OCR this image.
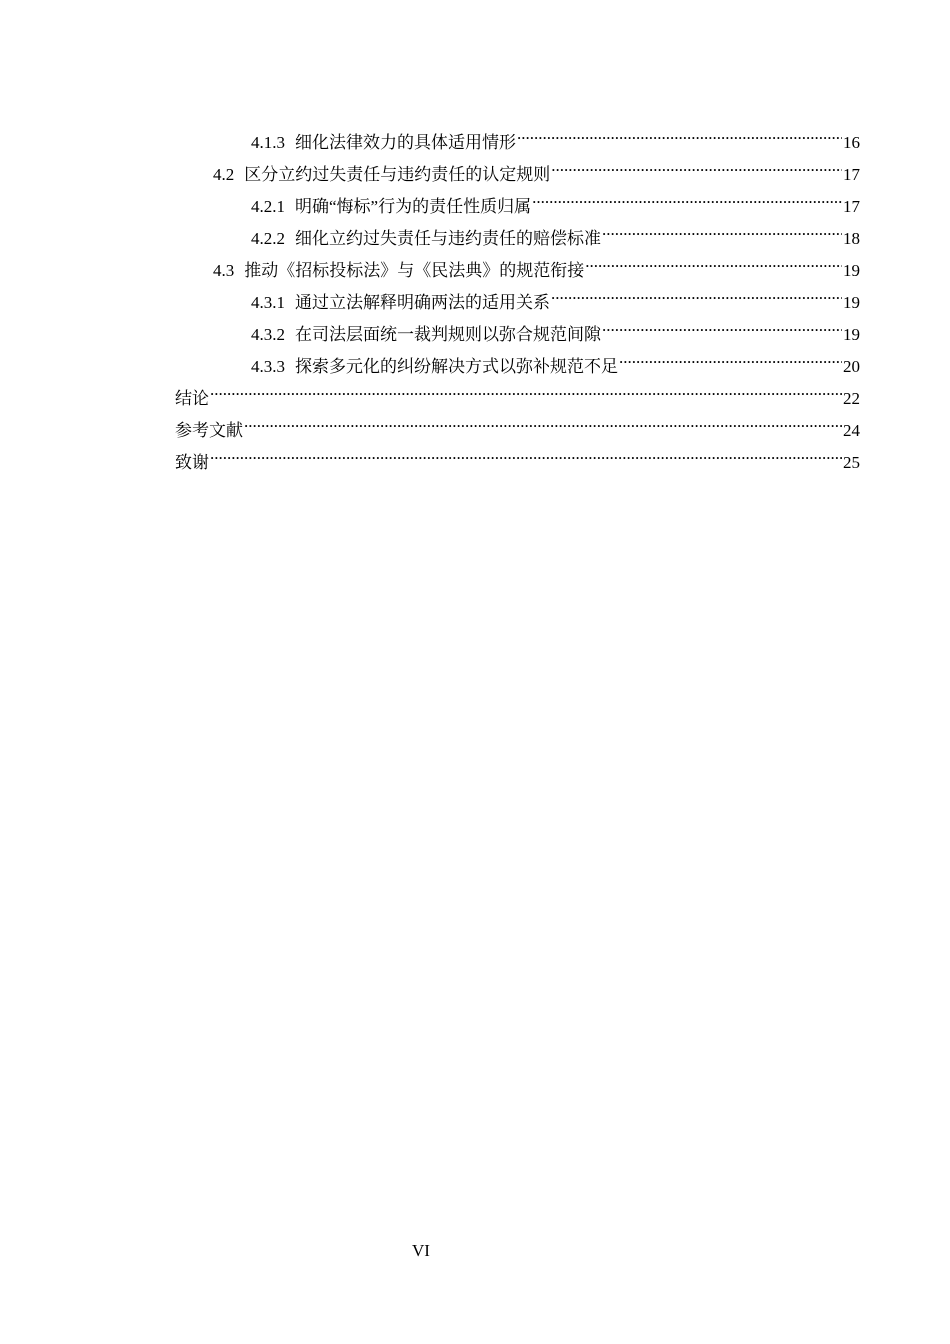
4.1.3 细化法律效力的具体适用情形 .....	16
4.2 区分立约过失责任与违约责任的认定规则 .....	17
4.2.1 明确“悔标”行为的责任性质归属 .....	17
4.2.2 细化立约过失责任与违约责任的赔偿标准 .....	18
4.3 推动《招标投标法》与《民法典》的规范衔接 .....	19
4.3.1 通过立法解释明确两法的适用关系 .....	19
4.3.2 在司法层面统一裁判规则以弥合规范间隙 .....	19
4.3.3 探索多元化的纠纷解决方式以弥补规范不足 .....	20
结论 .....	22
参考文献 .....	24
致谢 .....	25
VI
